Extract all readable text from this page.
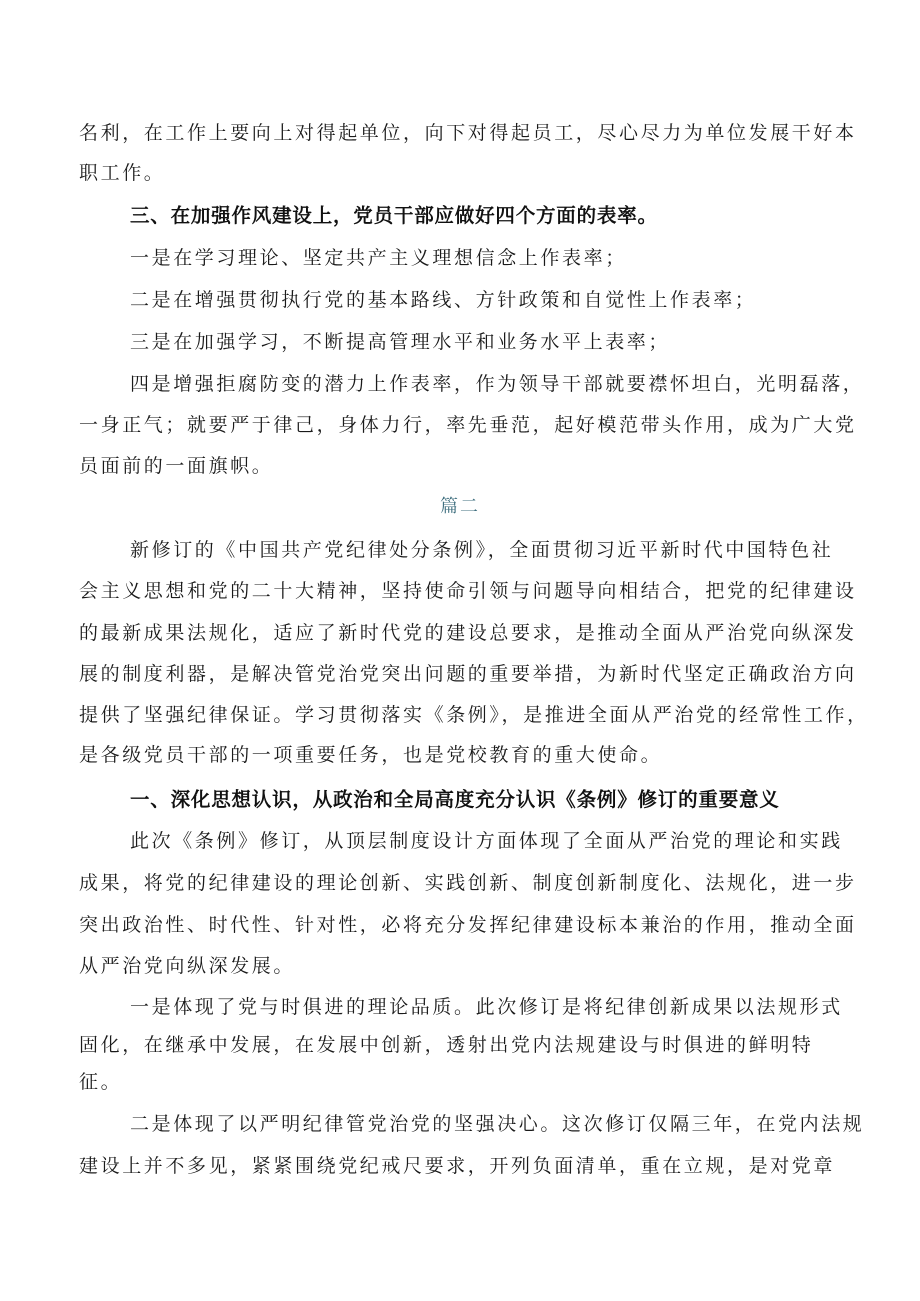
名利，在工作上要向上对得起单位，向下对得起员工，尽心尽力为单位发展干好本
职工作。
三、在加强作风建设上，党员干部应做好四个方面的表率。
一是在学习理论、坚定共产主义理想信念上作表率；
二是在增强贯彻执行党的基本路线、方针政策和自觉性上作表率；
三是在加强学习，不断提高管理水平和业务水平上表率；
四是增强拒腐防变的潜力上作表率，作为领导干部就要襟怀坦白，光明磊落，
一身正气；就要严于律己，身体力行，率先垂范，起好模范带头作用，成为广大党
员面前的一面旗帜。
篇二
新修订的《中国共产党纪律处分条例》，全面贯彻习近平新时代中国特色社
会主义思想和党的二十大精神，坚持使命引领与问题导向相结合，把党的纪律建设
的最新成果法规化，适应了新时代党的建设总要求，是推动全面从严治党向纵深发
展的制度利器，是解决管党治党突出问题的重要举措，为新时代坚定正确政治方向
提供了坚强纪律保证。学习贯彻落实《条例》，是推进全面从严治党的经常性工作，
是各级党员干部的一项重要任务，也是党校教育的重大使命。
一、深化思想认识，从政治和全局高度充分认识《条例》修订的重要意义
此次《条例》修订，从顶层制度设计方面体现了全面从严治党的理论和实践
成果，将党的纪律建设的理论创新、实践创新、制度创新制度化、法规化，进一步
突出政治性、时代性、针对性，必将充分发挥纪律建设标本兼治的作用，推动全面
从严治党向纵深发展。
一是体现了党与时俱进的理论品质。此次修订是将纪律创新成果以法规形式
固化，在继承中发展，在发展中创新，透射出党内法规建设与时俱进的鲜明特
征。
二是体现了以严明纪律管党治党的坚强决心。这次修订仅隔三年，在党内法规
建设上并不多见，紧紧围绕党纪戒尺要求，开列负面清单，重在立规，是对党章
